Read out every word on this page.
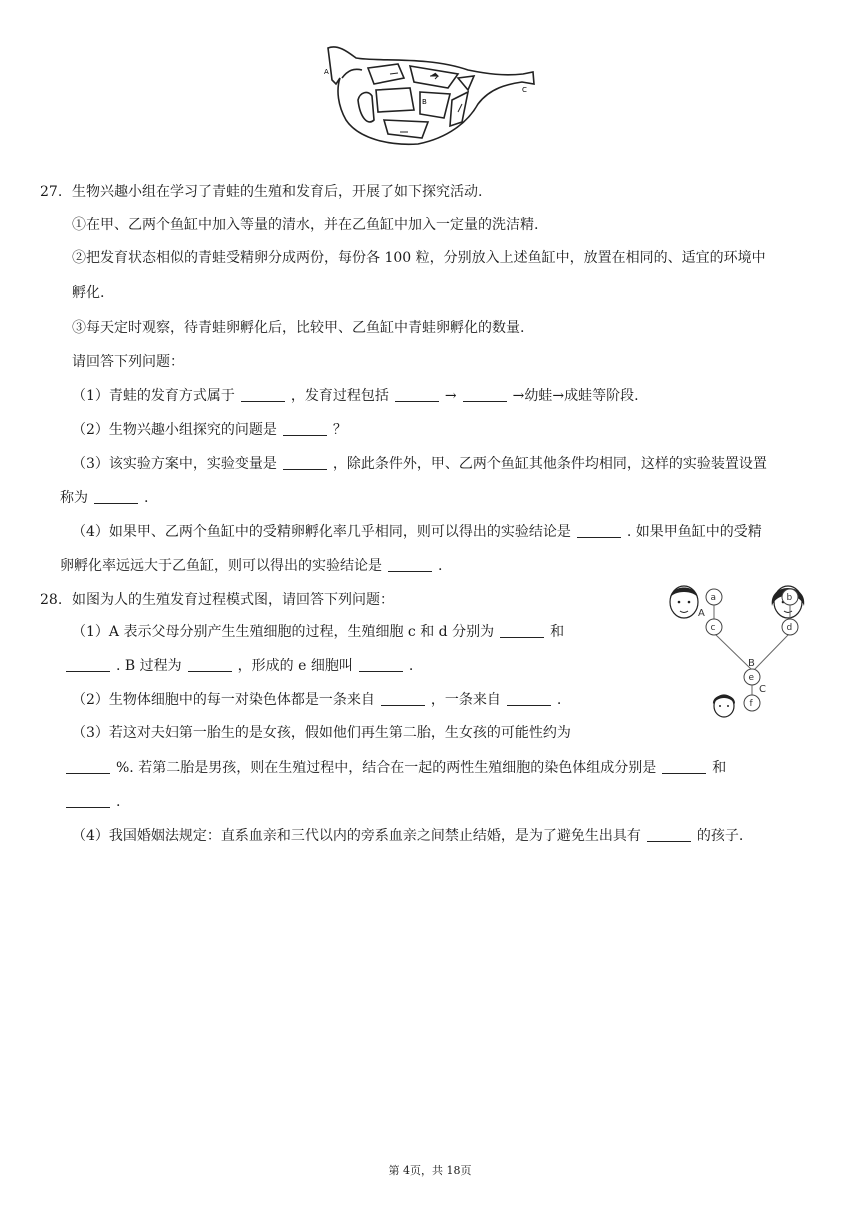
A
B
C
27. 生物兴趣小组在学习了青蛙的生殖和发育后，开展了如下探究活动.
①在甲、乙两个鱼缸中加入等量的清水，并在乙鱼缸中加入一定量的洗洁精.
②把发育状态相似的青蛙受精卵分成两份，每份各 100 粒，分别放入上述鱼缸中，放置在相同的、适宜的环境中
孵化.
③每天定时观察，待青蛙卵孵化后，比较甲、乙鱼缸中青蛙卵孵化的数量.
请回答下列问题：
（1）青蛙的发育方式属于	，发育过程包括	→	→幼蛙→成蛙等阶段.
（2）生物兴趣小组探究的问题是	？
（3）该实验方案中，实验变量是	，除此条件外，甲、乙两个鱼缸其他条件均相同，这样的实验装置设置
称为	.
（4）如果甲、乙两个鱼缸中的受精卵孵化率几乎相同，则可以得出的实验结论是	. 如果甲鱼缸中的受精
卵孵化率远远大于乙鱼缸，则可以得出的实验结论是	.
28. 如图为人的生殖发育过程模式图，请回答下列问题：
（1）A 表示父母分别产生生殖细胞的过程，生殖细胞 c 和 d 分别为	和
. B 过程为	，形成的 e 细胞叫	.
（2）生物体细胞中的每一对染色体都是一条来自	，一条来自	.
（3）若这对夫妇第一胎生的是女孩，假如他们再生第二胎，生女孩的可能性约为
%. 若第二胎是男孩，则在生殖过程中，结合在一起的两性生殖细胞的染色体组成分别是	和
.
（4）我国婚姻法规定：直系血亲和三代以内的旁系血亲之间禁止结婚，是为了避免生出具有	的孩子.
a
c
b
d
e
f
A
B
C
第 4页，共 18页
